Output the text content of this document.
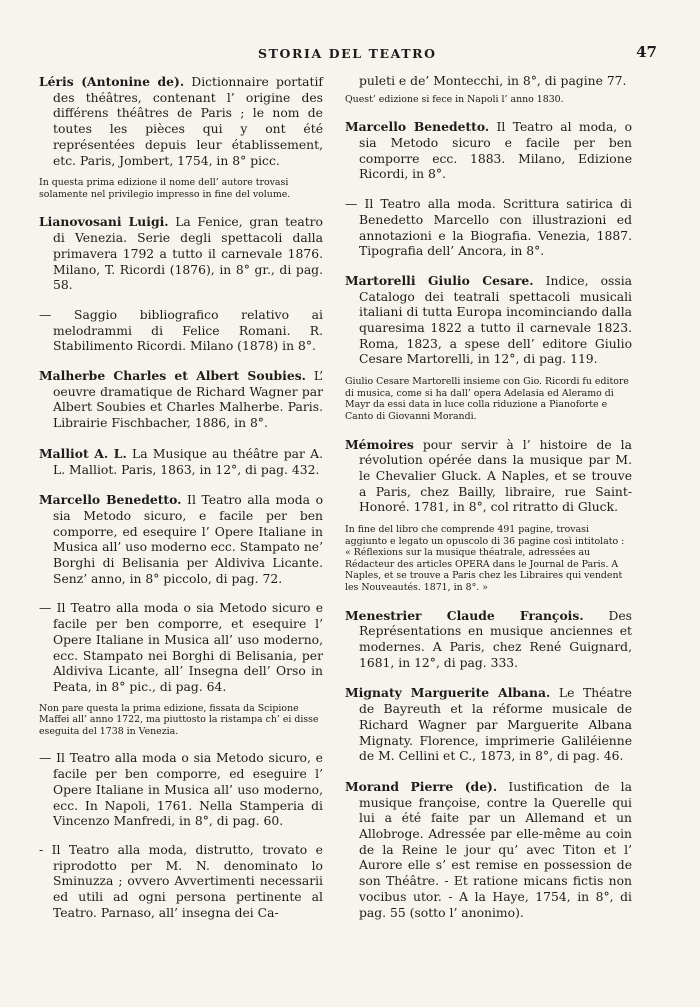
STORIA DEL TEATRO	47

Léris (Antonine de). Dictionnaire portatif des théâtres, contenant l’ origine des différens théâtres de Paris ; le nom de toutes les pièces qui y ont été représentées depuis leur établissement, etc. Paris, Jombert, 1754, in 8° picc.

In questa prima edizione il nome dell’ autore trovasi solamente nel privilegio impresso in fine del volume.

Lianovosani Luigi. La Fenice, gran teatro di Venezia. Serie degli spettacoli dalla primavera 1792 a tutto il carnevale 1876. Milano, T. Ricordi (1876), in 8° gr., di pag. 58.

— Saggio bibliografico relativo ai melodrammi di Felice Romani. R. Stabilimento Ricordi. Milano (1878) in 8°.

Malherbe Charles et Albert Soubies. L’ oeuvre dramatique de Richard Wagner par Albert Soubies et Charles Malherbe. Paris. Librairie Fischbacher, 1886, in 8°.

Malliot A. L. La Musique au théâtre par A. L. Malliot. Paris, 1863, in 12°, di pag. 432.

Marcello Benedetto. Il Teatro alla moda o sia Metodo sicuro, e facile per ben comporre, ed esequire l’ Opere Italiane in Musica all’ uso moderno ecc. Stampato ne’ Borghi di Belisania per Aldiviva Licante. Senz’ anno, in 8° piccolo, di pag. 72.

— Il Teatro alla moda o sia Metodo sicuro e facile per ben comporre, et esequire l’ Opere Italiane in Musica all’ uso moderno, ecc. Stampato nei Borghi di Belisania, per Aldiviva Licante, all’ Insegna dell’ Orso in Peata, in 8° pic., di pag. 64.

Non pare questa la prima edizione, fissata da Scipione Maffei all’ anno 1722, ma piuttosto la ristampa ch’ ei disse eseguita del 1738 in Venezia.

— Il Teatro alla moda o sia Metodo sicuro, e facile per ben comporre, ed eseguire l’ Opere Italiane in Musica all’ uso moderno, ecc. In Napoli, 1761. Nella Stamperia di Vincenzo Manfredi, in 8°, di pag. 60.

- Il Teatro alla moda, distrutto, trovato e riprodotto per M. N. denominato lo Sminuzza ; ovvero Avvertimenti necessarii ed utili ad ogni persona pertinente al Teatro. Parnaso, all’ insegna dei Ca-

puleti e de’ Montecchi, in 8°, di pagine 77.

Quest’ edizione si fece in Napoli l’ anno 1830.

Marcello Benedetto. Il Teatro al moda, o sia Metodo sicuro e facile per ben comporre ecc. 1883. Milano, Edizione Ricordi, in 8°.

— Il Teatro alla moda. Scrittura satirica di Benedetto Marcello con illustrazioni ed annotazioni e la Biografia. Venezia, 1887. Tipografia dell’ Ancora, in 8°.

Martorelli Giulio Cesare. Indice, ossia Catalogo dei teatrali spettacoli musicali italiani di tutta Europa incominciando dalla quaresima 1822 a tutto il carnevale 1823. Roma, 1823, a spese dell’ editore Giulio Cesare Martorelli, in 12°, di pag. 119.

Giulio Cesare Martorelli insieme con Gio. Ricordi fu editore di musica, come si ha dall’ opera Adelasia ed Aleramo di Mayr da essi data in luce colla riduzione a Pianoforte e Canto di Giovanni Morandi.

Mémoires pour servir à l’ histoire de la révolution opérée dans la musique par M. le Chevalier Gluck. A Naples, et se trouve a Paris, chez Bailly, libraire, rue Saint-Honoré. 1781, in 8°, col ritratto di Gluck.

In fine del libro che comprende 491 pagine, trovasi aggiunto e legato un opuscolo di 36 pagine così intitolato : « Réflexions sur la musique théatrale, adressées au Rédacteur des articles OPERA dans le Journal de Paris. A Naples, et se trouve a Paris chez les Libraires qui vendent les Nouveautés. 1871, in 8°. »

Menestrier Claude François. Des Représentations en musique anciennes et modernes. A Paris, chez René Guignard, 1681, in 12°, di pag. 333.

Mignaty Marguerite Albana. Le Théatre de Bayreuth et la réforme musicale de Richard Wagner par Marguerite Albana Mignaty. Florence, imprimerie Galiléienne de M. Cellini et C., 1873, in 8°, di pag. 46.

Morand Pierre (de). Iustification de la musique françoise, contre la Querelle qui lui a été faite par un Allemand et un Allobroge. Adressée par elle-même au coin de la Reine le jour qu’ avec Titon et l’ Aurore elle s’ est remise en possession de son Théâtre. - Et ratione micans fictis non vocibus utor. - A la Haye, 1754, in 8°, di pag. 55 (sotto l’ anonimo).
